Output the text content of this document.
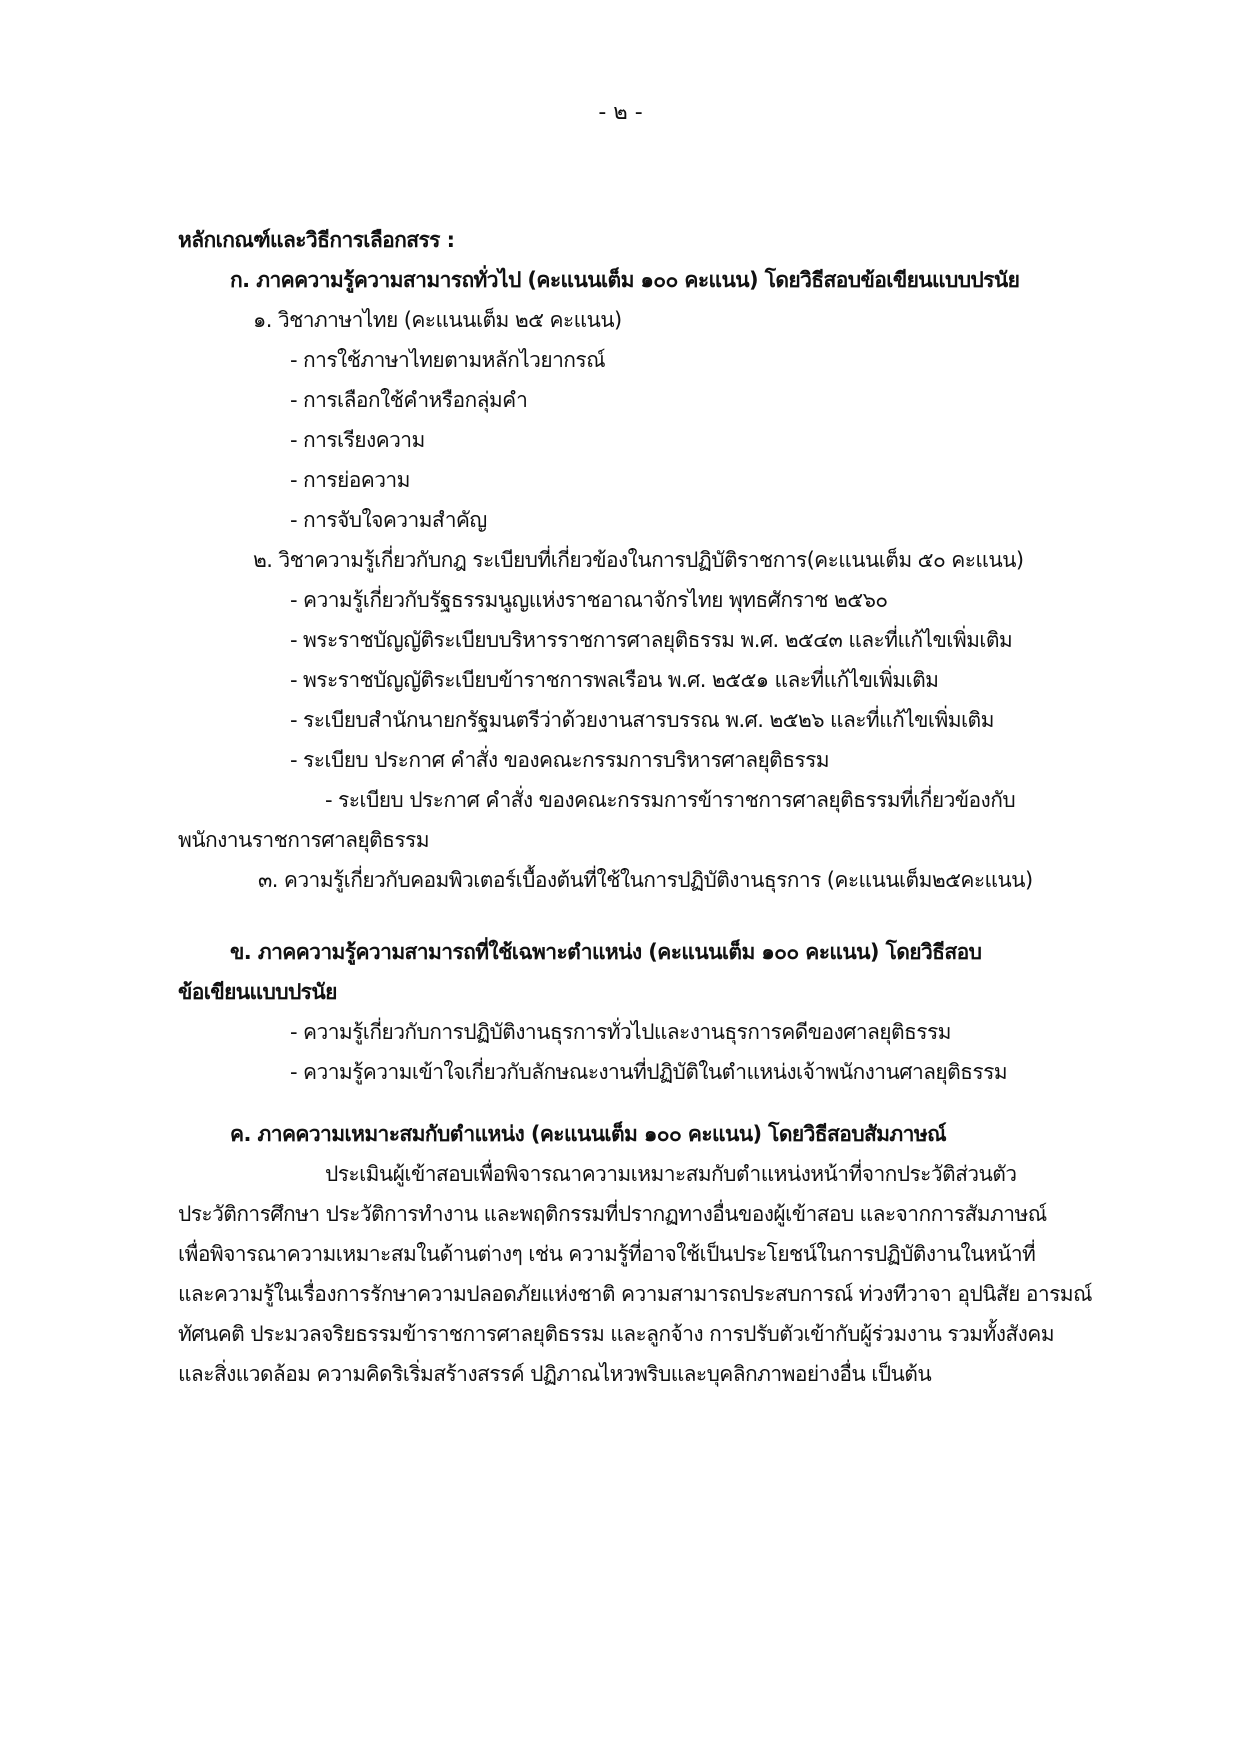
- ๒ -
หลักเกณฑ์และวิธีการเลือกสรร :
ก. ภาคความรู้ความสามารถทั่วไป (คะแนนเต็ม ๑๐๐ คะแนน) โดยวิธีสอบข้อเขียนแบบปรนัย
๑. วิชาภาษาไทย (คะแนนเต็ม ๒๕ คะแนน)
- การใช้ภาษาไทยตามหลักไวยากรณ์
- การเลือกใช้คำหรือกลุ่มคำ
- การเรียงความ
- การย่อความ
- การจับใจความสำคัญ
๒. วิชาความรู้เกี่ยวกับกฎ ระเบียบที่เกี่ยวข้องในการปฏิบัติราชการ(คะแนนเต็ม ๕๐ คะแนน)
- ความรู้เกี่ยวกับรัฐธรรมนูญแห่งราชอาณาจักรไทย พุทธศักราช ๒๕๖๐
- พระราชบัญญัติระเบียบบริหารราชการศาลยุติธรรม พ.ศ. ๒๕๔๓ และที่แก้ไขเพิ่มเติม
- พระราชบัญญัติระเบียบข้าราชการพลเรือน พ.ศ. ๒๕๕๑ และที่แก้ไขเพิ่มเติม
- ระเบียบสำนักนายกรัฐมนตรีว่าด้วยงานสารบรรณ พ.ศ. ๒๕๒๖ และที่แก้ไขเพิ่มเติม
- ระเบียบ ประกาศ คำสั่ง ของคณะกรรมการบริหารศาลยุติธรรม
- ระเบียบ ประกาศ คำสั่ง ของคณะกรรมการข้าราชการศาลยุติธรรมที่เกี่ยวข้องกับ
พนักงานราชการศาลยุติธรรม
๓. ความรู้เกี่ยวกับคอมพิวเตอร์เบื้องต้นที่ใช้ในการปฏิบัติงานธุรการ (คะแนนเต็ม๒๕คะแนน)
ข. ภาคความรู้ความสามารถที่ใช้เฉพาะตำแหน่ง (คะแนนเต็ม ๑๐๐ คะแนน) โดยวิธีสอบ
ข้อเขียนแบบปรนัย
- ความรู้เกี่ยวกับการปฏิบัติงานธุรการทั่วไปและงานธุรการคดีของศาลยุติธรรม
- ความรู้ความเข้าใจเกี่ยวกับลักษณะงานที่ปฏิบัติในตำแหน่งเจ้าพนักงานศาลยุติธรรม
ค. ภาคความเหมาะสมกับตำแหน่ง (คะแนนเต็ม ๑๐๐ คะแนน) โดยวิธีสอบสัมภาษณ์
ประเมินผู้เข้าสอบเพื่อพิจารณาความเหมาะสมกับตำแหน่งหน้าที่จากประวัติส่วนตัว
ประวัติการศึกษา ประวัติการทำงาน และพฤติกรรมที่ปรากฏทางอื่นของผู้เข้าสอบ และจากการสัมภาษณ์
เพื่อพิจารณาความเหมาะสมในด้านต่างๆ เช่น ความรู้ที่อาจใช้เป็นประโยชน์ในการปฏิบัติงานในหน้าที่
และความรู้ในเรื่องการรักษาความปลอดภัยแห่งชาติ ความสามารถประสบการณ์ ท่วงทีวาจา อุปนิสัย อารมณ์
ทัศนคติ ประมวลจริยธรรมข้าราชการศาลยุติธรรม และลูกจ้าง การปรับตัวเข้ากับผู้ร่วมงาน รวมทั้งสังคม
และสิ่งแวดล้อม ความคิดริเริ่มสร้างสรรค์ ปฏิภาณไหวพริบและบุคลิกภาพอย่างอื่น เป็นต้น
